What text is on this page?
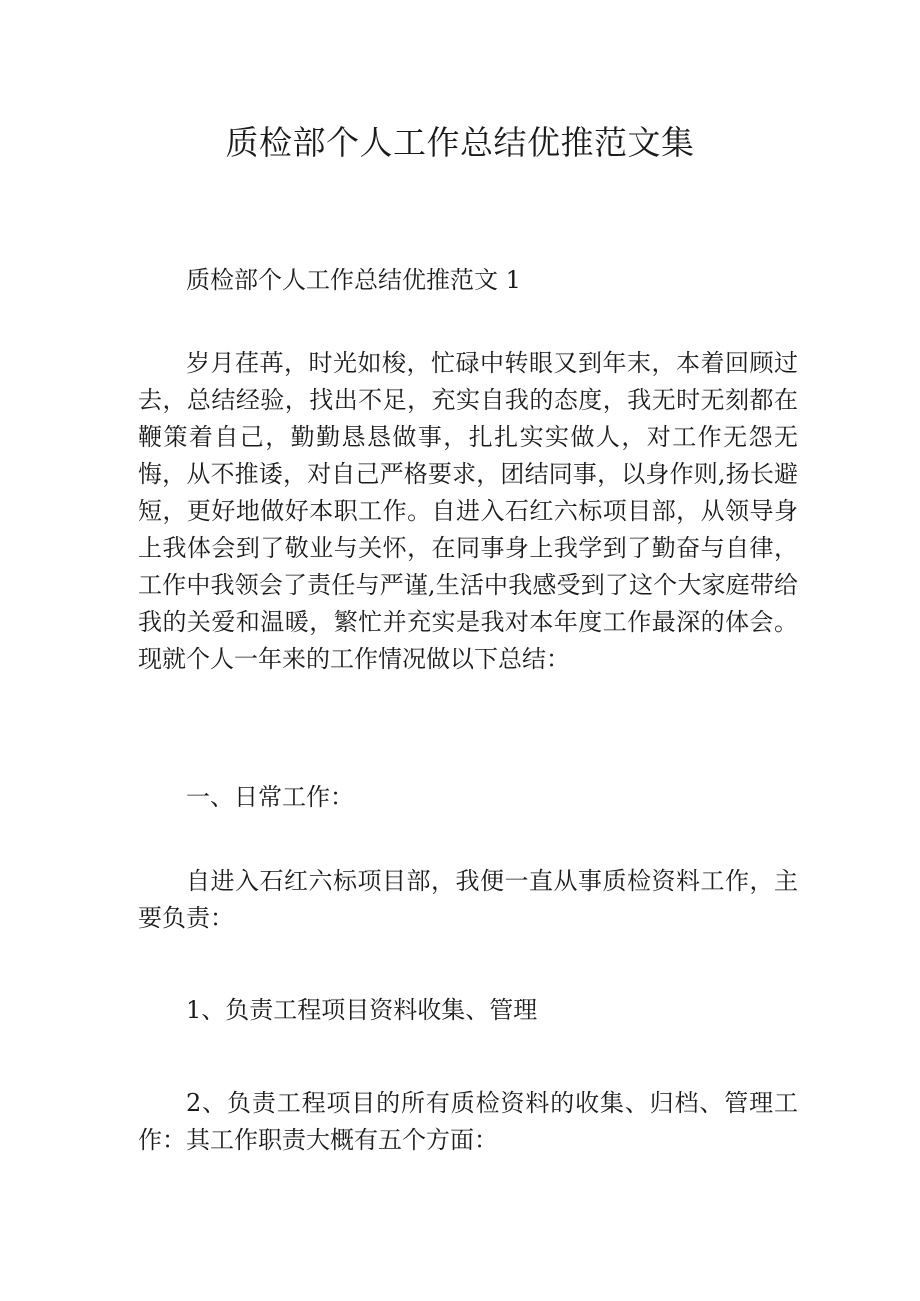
质检部个人工作总结优推范文集

质检部个人工作总结优推范文 1

岁月荏苒，时光如梭，忙碌中转眼又到年末，本着回顾过去，总结经验，找出不足，充实自我的态度，我无时无刻都在鞭策着自己，勤勤恳恳做事，扎扎实实做人，对工作无怨无悔，从不推诿，对自己严格要求，团结同事，以身作则,扬长避短，更好地做好本职工作。自进入石红六标项目部，从领导身上我体会到了敬业与关怀，在同事身上我学到了勤奋与自律，工作中我领会了责任与严谨,生活中我感受到了这个大家庭带给我的关爱和温暖，繁忙并充实是我对本年度工作最深的体会。现就个人一年来的工作情况做以下总结：

一、日常工作：

自进入石红六标项目部，我便一直从事质检资料工作，主要负责：

1、负责工程项目资料收集、管理

2、负责工程项目的所有质检资料的收集、归档、管理工作：其工作职责大概有五个方面：
